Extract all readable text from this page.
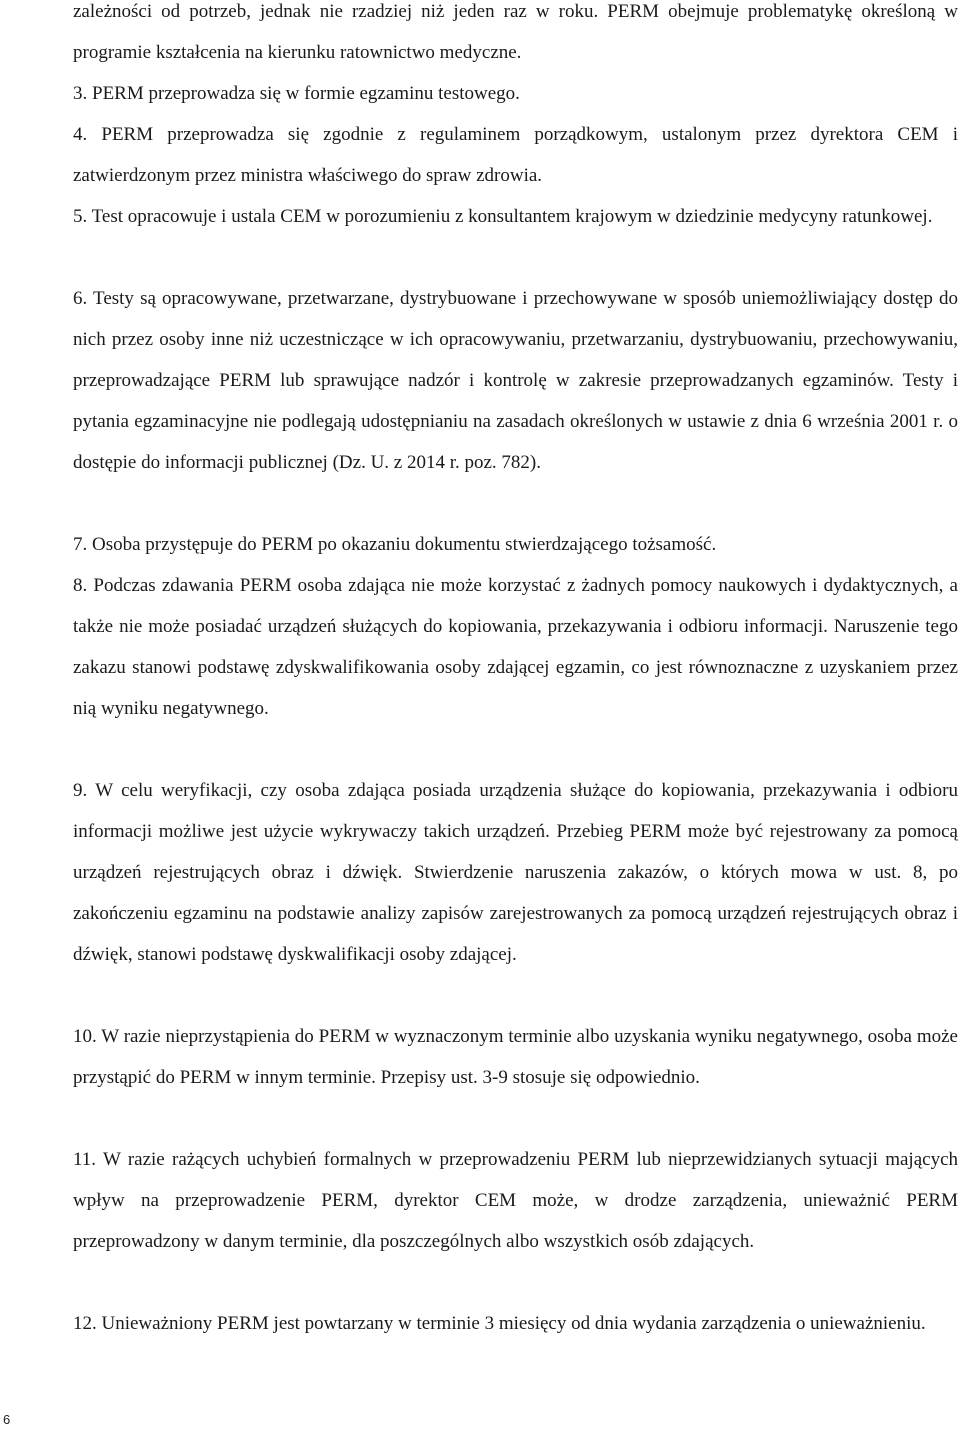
zależności od potrzeb, jednak nie rzadziej niż jeden raz w roku. PERM obejmuje problematykę określoną w programie kształcenia na kierunku ratownictwo medyczne.

3. PERM przeprowadza się w formie egzaminu testowego.

4. PERM przeprowadza się zgodnie z regulaminem porządkowym, ustalonym przez dyrektora CEM i zatwierdzonym przez ministra właściwego do spraw zdrowia.

5. Test opracowuje i ustala CEM w porozumieniu z konsultantem krajowym w dziedzinie medycyny ratunkowej.

6. Testy są opracowywane, przetwarzane, dystrybuowane i przechowywane w sposób uniemożliwiający dostęp do nich przez osoby inne niż uczestniczące w ich opracowywaniu, przetwarzaniu, dystrybuowaniu, przechowywaniu, przeprowadzające PERM lub sprawujące nadzór i kontrolę w zakresie przeprowadzanych egzaminów. Testy i pytania egzaminacyjne nie podlegają udostępnianiu na zasadach określonych w ustawie z dnia 6 września 2001 r. o dostępie do informacji publicznej (Dz. U. z 2014 r. poz. 782).

7. Osoba przystępuje do PERM po okazaniu dokumentu stwierdzającego tożsamość.

8. Podczas zdawania PERM osoba zdająca nie może korzystać z żadnych pomocy naukowych i dydaktycznych, a także nie może posiadać urządzeń służących do kopiowania, przekazywania i odbioru informacji. Naruszenie tego zakazu stanowi podstawę zdyskwalifikowania osoby zdającej egzamin, co jest równoznaczne z uzyskaniem przez nią wyniku negatywnego.

9. W celu weryfikacji, czy osoba zdająca posiada urządzenia służące do kopiowania, przekazywania i odbioru informacji możliwe jest użycie wykrywaczy takich urządzeń. Przebieg PERM może być rejestrowany za pomocą urządzeń rejestrujących obraz i dźwięk. Stwierdzenie naruszenia zakazów, o których mowa w ust. 8, po zakończeniu egzaminu na podstawie analizy zapisów zarejestrowanych za pomocą urządzeń rejestrujących obraz i dźwięk, stanowi podstawę dyskwalifikacji osoby zdającej.

10. W razie nieprzystąpienia do PERM w wyznaczonym terminie albo uzyskania wyniku negatywnego, osoba może przystąpić do PERM w innym terminie. Przepisy ust. 3-9 stosuje się odpowiednio.

11. W razie rażących uchybień formalnych w przeprowadzeniu PERM lub nieprzewidzianych sytuacji mających wpływ na przeprowadzenie PERM, dyrektor CEM może, w drodze zarządzenia, unieważnić PERM przeprowadzony w danym terminie, dla poszczególnych albo wszystkich osób zdających.

12. Unieważniony PERM jest powtarzany w terminie 3 miesięcy od dnia wydania zarządzenia o unieważnieniu.

6
